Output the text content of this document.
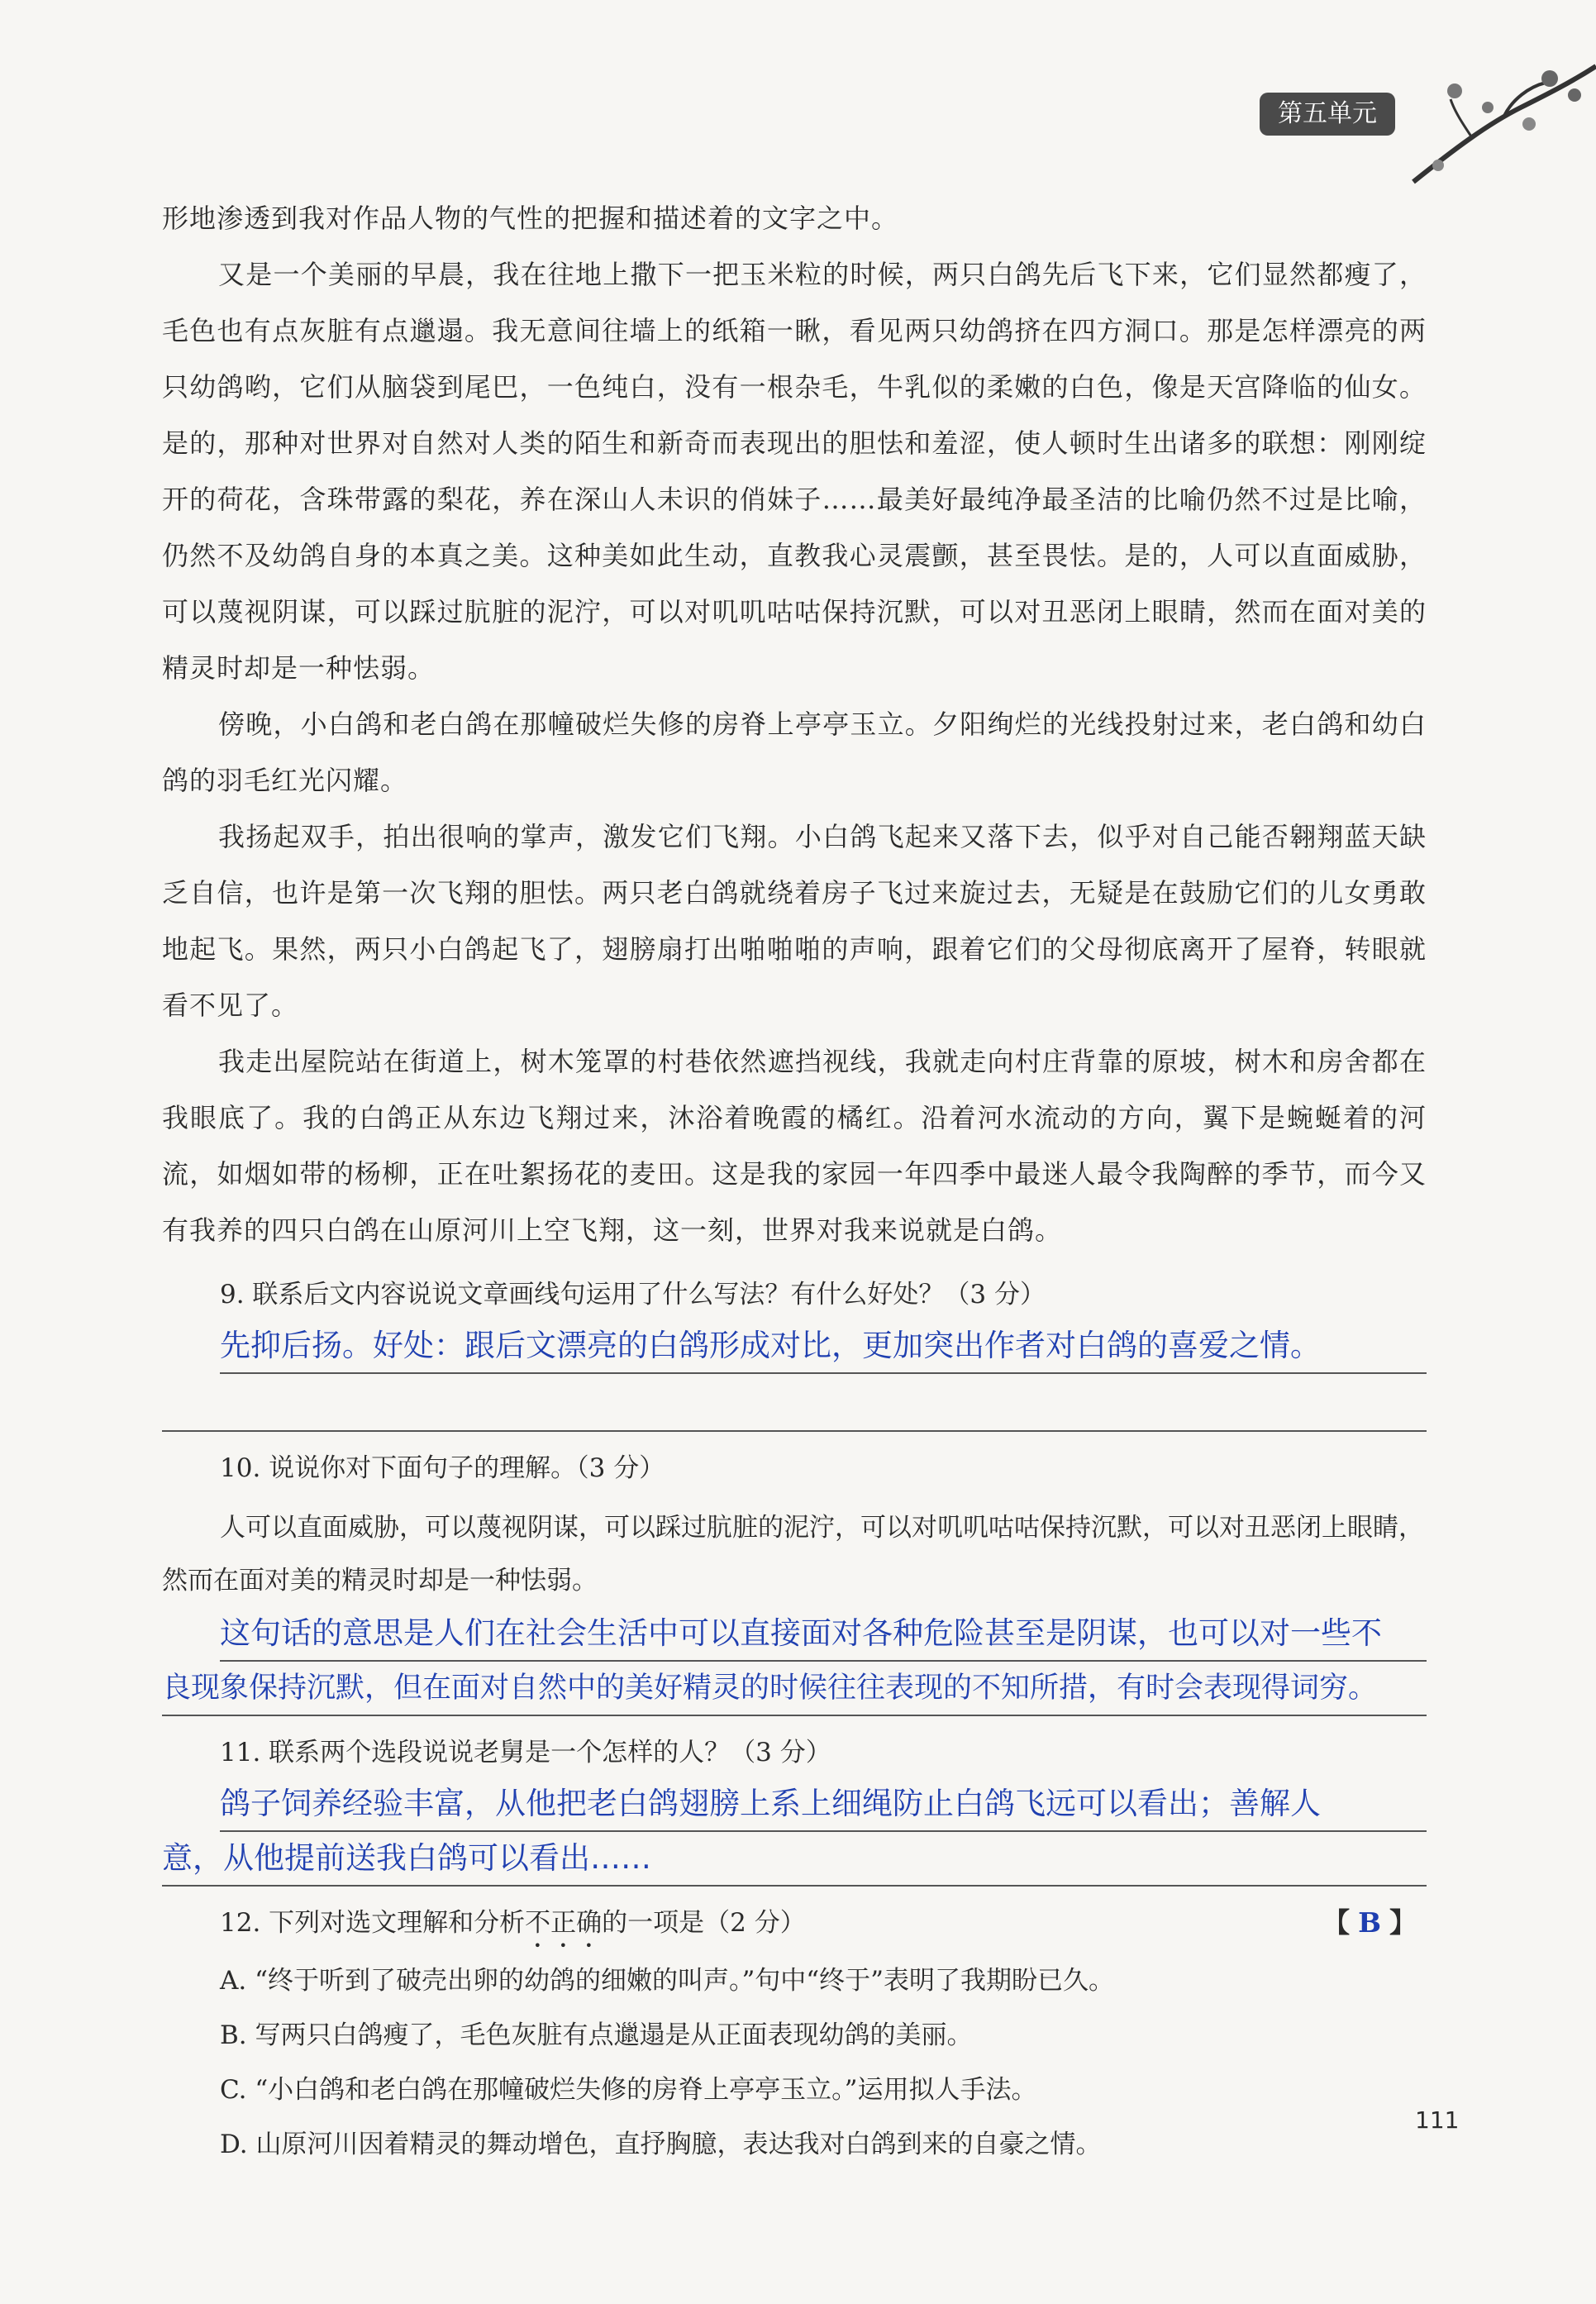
第五单元

形地渗透到我对作品人物的气性的把握和描述着的文字之中。

又是一个美丽的早晨，我在往地上撒下一把玉米粒的时候，两只白鸽先后飞下来，它们显然都瘦了，毛色也有点灰脏有点邋遢。我无意间往墙上的纸箱一瞅，看见两只幼鸽挤在四方洞口。那是怎样漂亮的两只幼鸽哟，它们从脑袋到尾巴，一色纯白，没有一根杂毛，牛乳似的柔嫩的白色，像是天宫降临的仙女。是的，那种对世界对自然对人类的陌生和新奇而表现出的胆怯和羞涩，使人顿时生出诸多的联想：刚刚绽开的荷花，含珠带露的梨花，养在深山人未识的俏妹子……最美好最纯净最圣洁的比喻仍然不过是比喻，仍然不及幼鸽自身的本真之美。这种美如此生动，直教我心灵震颤，甚至畏怯。是的，人可以直面威胁，可以蔑视阴谋，可以踩过肮脏的泥泞，可以对叽叽咕咕保持沉默，可以对丑恶闭上眼睛，然而在面对美的精灵时却是一种怯弱。

傍晚，小白鸽和老白鸽在那幢破烂失修的房脊上亭亭玉立。夕阳绚烂的光线投射过来，老白鸽和幼白鸽的羽毛红光闪耀。

我扬起双手，拍出很响的掌声，激发它们飞翔。小白鸽飞起来又落下去，似乎对自己能否翱翔蓝天缺乏自信，也许是第一次飞翔的胆怯。两只老白鸽就绕着房子飞过来旋过去，无疑是在鼓励它们的儿女勇敢地起飞。果然，两只小白鸽起飞了，翅膀扇打出啪啪啪的声响，跟着它们的父母彻底离开了屋脊，转眼就看不见了。

我走出屋院站在街道上，树木笼罩的村巷依然遮挡视线，我就走向村庄背靠的原坡，树木和房舍都在我眼底了。我的白鸽正从东边飞翔过来，沐浴着晚霞的橘红。沿着河水流动的方向，翼下是蜿蜒着的河流，如烟如带的杨柳，正在吐絮扬花的麦田。这是我的家园一年四季中最迷人最令我陶醉的季节，而今又有我养的四只白鸽在山原河川上空飞翔，这一刻，世界对我来说就是白鸽。

9. 联系后文内容说说文章画线句运用了什么写法？有什么好处？（3 分）

先抑后扬。好处：跟后文漂亮的白鸽形成对比，更加突出作者对白鸽的喜爱之情。

10. 说说你对下面句子的理解。（3 分）

人可以直面威胁，可以蔑视阴谋，可以踩过肮脏的泥泞，可以对叽叽咕咕保持沉默，可以对丑恶闭上眼睛，然而在面对美的精灵时却是一种怯弱。

这句话的意思是人们在社会生活中可以直接面对各种危险甚至是阴谋，也可以对一些不
良现象保持沉默，但在面对自然中的美好精灵的时候往往表现的不知所措，有时会表现得词穷。

11. 联系两个选段说说老舅是一个怎样的人？（3 分）

鸽子饲养经验丰富，从他把老白鸽翅膀上系上细绳防止白鸽飞远可以看出；善解人
意，从他提前送我白鸽可以看出……

【 B 】
12. 下列对选文理解和分析不正确的一项是（2 分）

A. “终于听到了破壳出卵的幼鸽的细嫩的叫声。”句中“终于”表明了我期盼已久。

B. 写两只白鸽瘦了，毛色灰脏有点邋遢是从正面表现幼鸽的美丽。

C. “小白鸽和老白鸽在那幢破烂失修的房脊上亭亭玉立。”运用拟人手法。

D. 山原河川因着精灵的舞动增色，直抒胸臆，表达我对白鸽到来的自豪之情。

111
